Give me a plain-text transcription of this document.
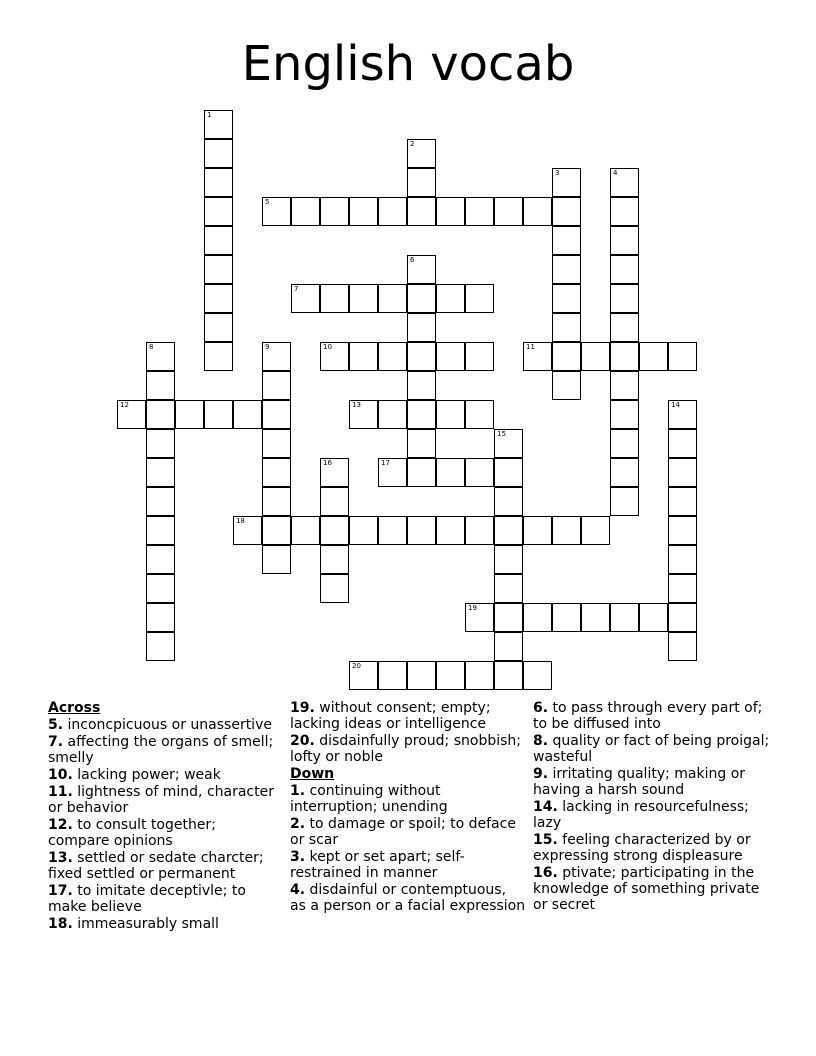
English vocab
1
2
3	4
5
6
7
8	9	10	11
12	13	14
15
16	17
18
19
20
Across
5. inconcpicuous or unassertive
7. affecting the organs of smell; smelly
10. lacking power; weak
11. lightness of mind, character or behavior
12. to consult together; compare opinions
13. settled or sedate charcter; fixed settled or permanent
17. to imitate deceptivle; to make believe
18. immeasurably small
19. without consent; empty; lacking ideas or intelligence
20. disdainfully proud; snobbish; lofty or noble
Down
1. continuing without interruption; unending
2. to damage or spoil; to deface or scar
3. kept or set apart; self-restrained in manner
4. disdainful or contemptuous, as a person or a facial expression
6. to pass through every part of; to be diffused into
8. quality or fact of being proigal; wasteful
9. irritating quality; making or having a harsh sound
14. lacking in resourcefulness; lazy
15. feeling characterized by or expressing strong displeasure
16. ptivate; participating in the knowledge of something private or secret
